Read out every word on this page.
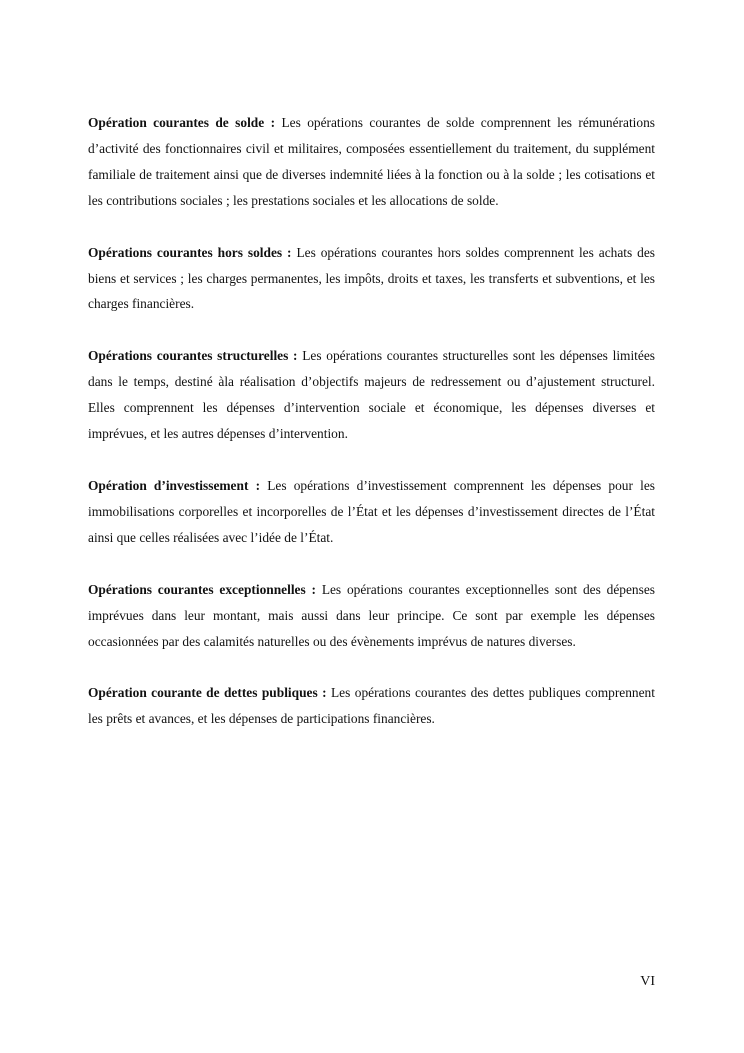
Opération courantes de solde : Les opérations courantes de solde comprennent les rémunérations d’activité des fonctionnaires civil et militaires, composées essentiellement du traitement, du supplément familiale de traitement ainsi que de diverses indemnité liées à la fonction ou à la solde ; les cotisations et les contributions sociales ; les prestations sociales et les allocations de solde.

Opérations courantes hors soldes : Les opérations courantes hors soldes comprennent les achats des biens et services ; les charges permanentes, les impôts, droits et taxes, les transferts et subventions, et les charges financières.

Opérations courantes structurelles : Les opérations courantes structurelles sont les dépenses limitées dans le temps, destiné àla réalisation d’objectifs majeurs de redressement ou d’ajustement structurel. Elles comprennent les dépenses d’intervention sociale et économique, les dépenses diverses et imprévues, et les autres dépenses d’intervention.

Opération d’investissement : Les opérations d’investissement comprennent les dépenses pour les immobilisations corporelles et incorporelles de l’État et les dépenses d’investissement directes de l’État ainsi que celles réalisées avec l’idée de l’État.

Opérations courantes exceptionnelles : Les opérations courantes exceptionnelles sont des dépenses imprévues dans leur montant, mais aussi dans leur principe. Ce sont par exemple les dépenses occasionnées par des calamités naturelles ou des évènements imprévus de natures diverses.

Opération courante de dettes publiques : Les opérations courantes des dettes publiques comprennent les prêts et avances, et les dépenses de participations financières.

VI
